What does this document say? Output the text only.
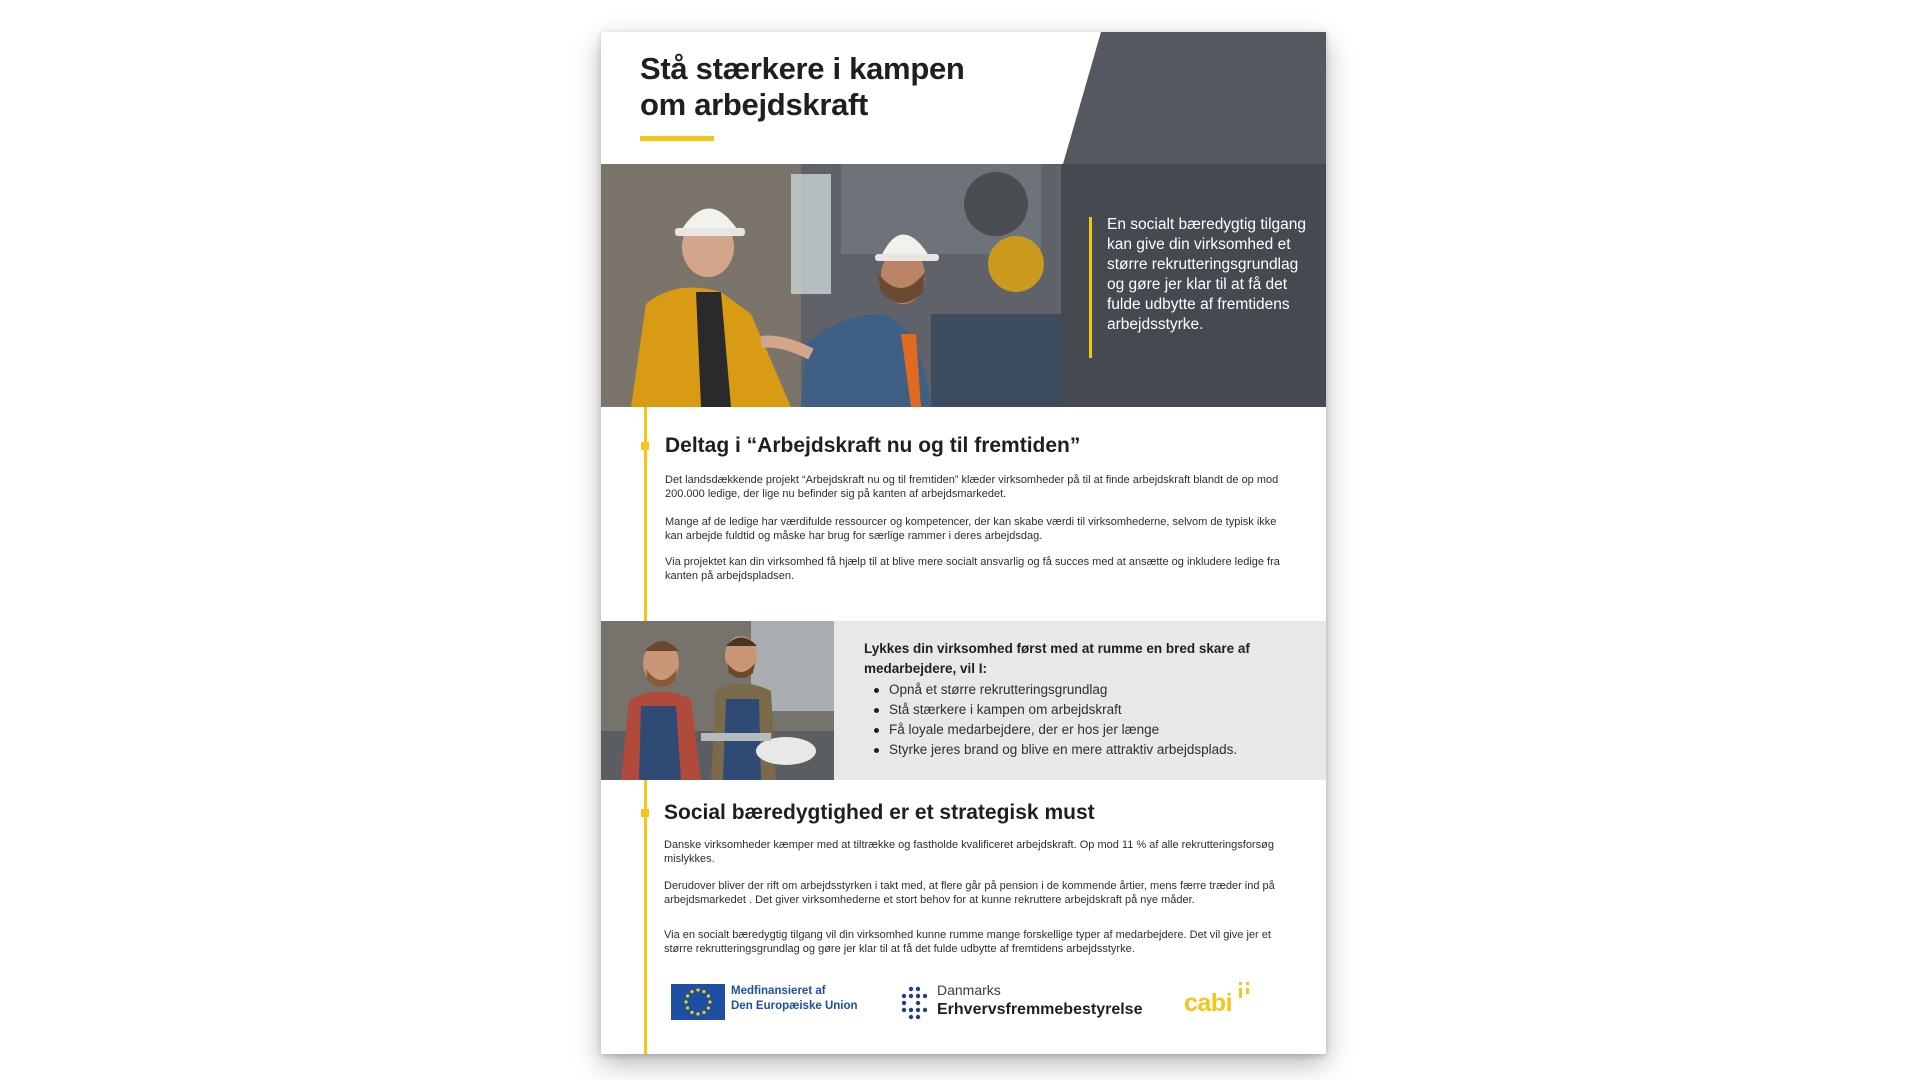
Stå stærkere i kampen
om arbejdskraft

En socialt bæredygtig tilgang kan give din virksomhed et større rekrutteringsgrundlag og gøre jer klar til at få det fulde udbytte af fremtidens arbejdsstyrke.

Deltag i “Arbejdskraft nu og til fremtiden”

Det landsdækkende projekt “Arbejdskraft nu og til fremtiden” klæder virksomheder på til at finde arbejdskraft blandt de op mod 200.000 ledige, der lige nu befinder sig på kanten af arbejdsmarkedet.

Mange af de ledige har værdifulde ressourcer og kompetencer, der kan skabe værdi til virksomhederne, selvom de typisk ikke kan arbejde fuldtid og måske har brug for særlige rammer i deres arbejdsdag.

Via projektet kan din virksomhed få hjælp til at blive mere socialt ansvarlig og få succes med at ansætte og inkludere ledige fra kanten på arbejdspladsen.

Lykkes din virksomhed først med at rumme en bred skare af medarbejdere, vil I:

Opnå et større rekrutteringsgrundlag
Stå stærkere i kampen om arbejdskraft
Få loyale medarbejdere, der er hos jer længe
Styrke jeres brand og blive en mere attraktiv arbejdsplads.
Social bæredygtighed er et strategisk must

Danske virksomheder kæmper med at tiltrække og fastholde kvalificeret arbejdskraft. Op mod 11 % af alle rekrutteringsforsøg mislykkes.

Derudover bliver der rift om arbejdsstyrken i takt med, at flere går på pension i de kommende årtier, mens færre træder ind på arbejdsmarkedet . Det giver virksomhederne et stort behov for at kunne rekruttere arbejdskraft på nye måder.

Via en socialt bæredygtig tilgang vil din virksomhed kunne rumme mange forskellige typer af medarbejdere. Det vil give jer et større rekrutteringsgrundlag og gøre jer klar til at få det fulde udbytte af fremtidens arbejdsstyrke.

Medfinansieret af
Den Europæiske Union

Danmarks

Erhvervsfremmebestyrelse cabi
